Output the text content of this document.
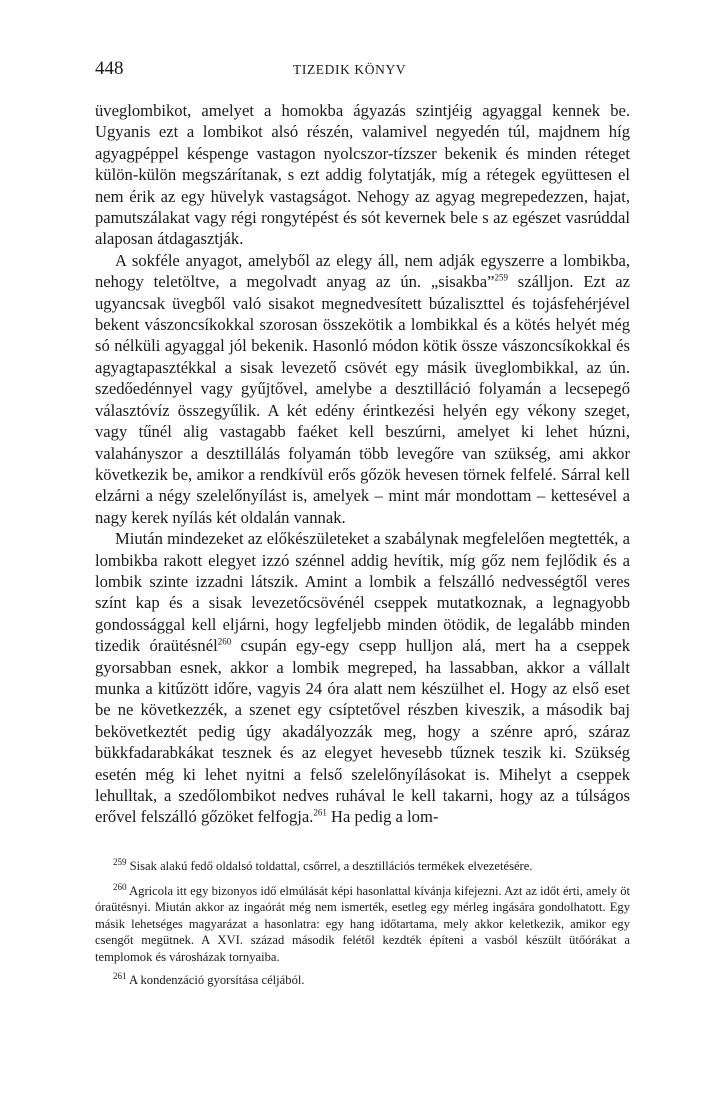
448	TIZEDIK KÖNYV

üveglombikot, amelyet a homokba ágyazás szintjéig agyaggal kennek be. Ugyanis ezt a lombikot alsó részén, valamivel negyedén túl, majdnem híg agyagpéppel késpenge vastagon nyolcszor-tízszer bekenik és minden réteget külön-külön megszárítanak, s ezt addig folytatják, míg a rétegek együttesen el nem érik az egy hüvelyk vastagságot. Nehogy az agyag megrepedezzen, hajat, pamutszálakat vagy régi rongytépést és sót kevernek bele s az egészet vasrúddal alaposan átdagasztják.

A sokféle anyagot, amelyből az elegy áll, nem adják egyszerre a lombikba, nehogy teletöltve, a megolvadt anyag az ún. „sisakba”$^{259}$ szálljon. Ezt az ugyancsak üvegből való sisakot megnedvesített búzaliszttel és tojásfehérjével bekent vászoncsíkokkal szorosan összekötik a lombikkal és a kötés helyét még só nélküli agyaggal jól bekenik. Hasonló módon kötik össze vászoncsíkokkal és agyagtapasztékkal a sisak levezető csövét egy másik üveglombikkal, az ún. szedőedénnyel vagy gyűjtővel, amelybe a desztilláció folyamán a lecsepegő választóvíz összegyűlik. A két edény érintkezési helyén egy vékony szeget, vagy tűnél alig vastagabb faéket kell beszúrni, amelyet ki lehet húzni, valahányszor a desztillálás folyamán több levegőre van szükség, ami akkor következik be, amikor a rendkívül erős gőzök hevesen törnek felfelé. Sárral kell elzárni a négy szelelőnyílást is, amelyek – mint már mondottam – kettesével a nagy kerek nyílás két oldalán vannak.

Miután mindezeket az előkészületeket a szabálynak megfelelően megtették, a lombikba rakott elegyet izzó szénnel addig hevítik, míg gőz nem fejlődik és a lombik szinte izzadni látszik. Amint a lombik a felszálló nedvességtől veres színt kap és a sisak levezetőcsövénél cseppek mutatkoznak, a legnagyobb gondossággal kell eljárni, hogy legfeljebb minden ötödik, de legalább minden tizedik óraütésnél$^{260}$ csupán egy-egy csepp hulljon alá, mert ha a cseppek gyorsabban esnek, akkor a lombik megreped, ha lassabban, akkor a vállalt munka a kitűzött időre, vagyis 24 óra alatt nem készülhet el. Hogy az első eset be ne következzék, a szenet egy csíptetővel részben kiveszik, a második baj bekövetkeztét pedig úgy akadályozzák meg, hogy a szénre apró, száraz bükkfadarabkákat tesznek és az elegyet hevesebb tűznek teszik ki. Szükség esetén még ki lehet nyitni a felső szelelőnyílásokat is. Mihelyt a cseppek lehulltak, a szedőlombikot nedves ruhával le kell takarni, hogy az a túlságos erővel felszálló gőzöket felfogja.$^{261}$ Ha pedig a lom-

$^{259}$ Sisak alakú fedő oldalsó toldattal, csőrrel, a desztillációs termékek elvezetésére.

$^{260}$ Agricola itt egy bizonyos idő elmúlását képi hasonlattal kívánja kifejezni. Azt az időt érti, amely öt óraütésnyi. Miután akkor az ingaórát még nem ismerték, esetleg egy mérleg ingására gondolhatott. Egy másik lehetséges magyarázat a hasonlatra: egy hang időtartama, mely akkor keletkezik, amikor egy csengőt megütnek. A XVI. század második felétől kezdték építeni a vasból készült ütőórákat a templomok és városházak tornyaiba.

$^{261}$ A kondenzáció gyorsítása céljából.
